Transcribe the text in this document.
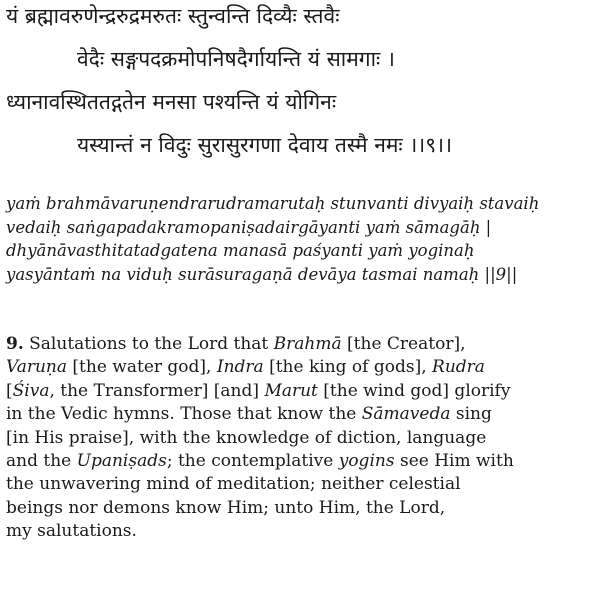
यं ब्रह्मावरुणेन्द्ररुद्रमरुतः स्तुन्वन्ति दिव्यैः स्तवैः
वेदैः सङ्गपदक्रमोपनिषदैर्गायन्ति यं सामगाः ।
ध्यानावस्थिततद्गतेन मनसा पश्यन्ति यं योगिनः
यस्यान्तं न विदुः सुरासुरगणा देवाय तस्मै नमः ।।९।।
yaṁ brahmāvaruṇendrarudramarutaḥ stunvanti divyaiḥ stavaiḥ
vedaiḥ saṅgapadakramopaniṣadairgāyanti yaṁ sāmagāḥ |
dhyānāvasthitatadgatena manasā paśyanti yaṁ yoginaḥ
yasyāntaṁ na viduḥ surāsuragaṇā devāya tasmai namaḥ ||9||
9. Salutations to the Lord that Brahmā [the Creator],
Varuṇa [the water god], Indra [the king of gods], Rudra
[Śiva, the Transformer] [and] Marut [the wind god] glorify
in the Vedic hymns. Those that know the Sāmaveda sing
[in His praise], with the knowledge of diction, language
and the Upaniṣads; the contemplative yogins see Him with
the unwavering mind of meditation; neither celestial
beings nor demons know Him; unto Him, the Lord,
my salutations.
